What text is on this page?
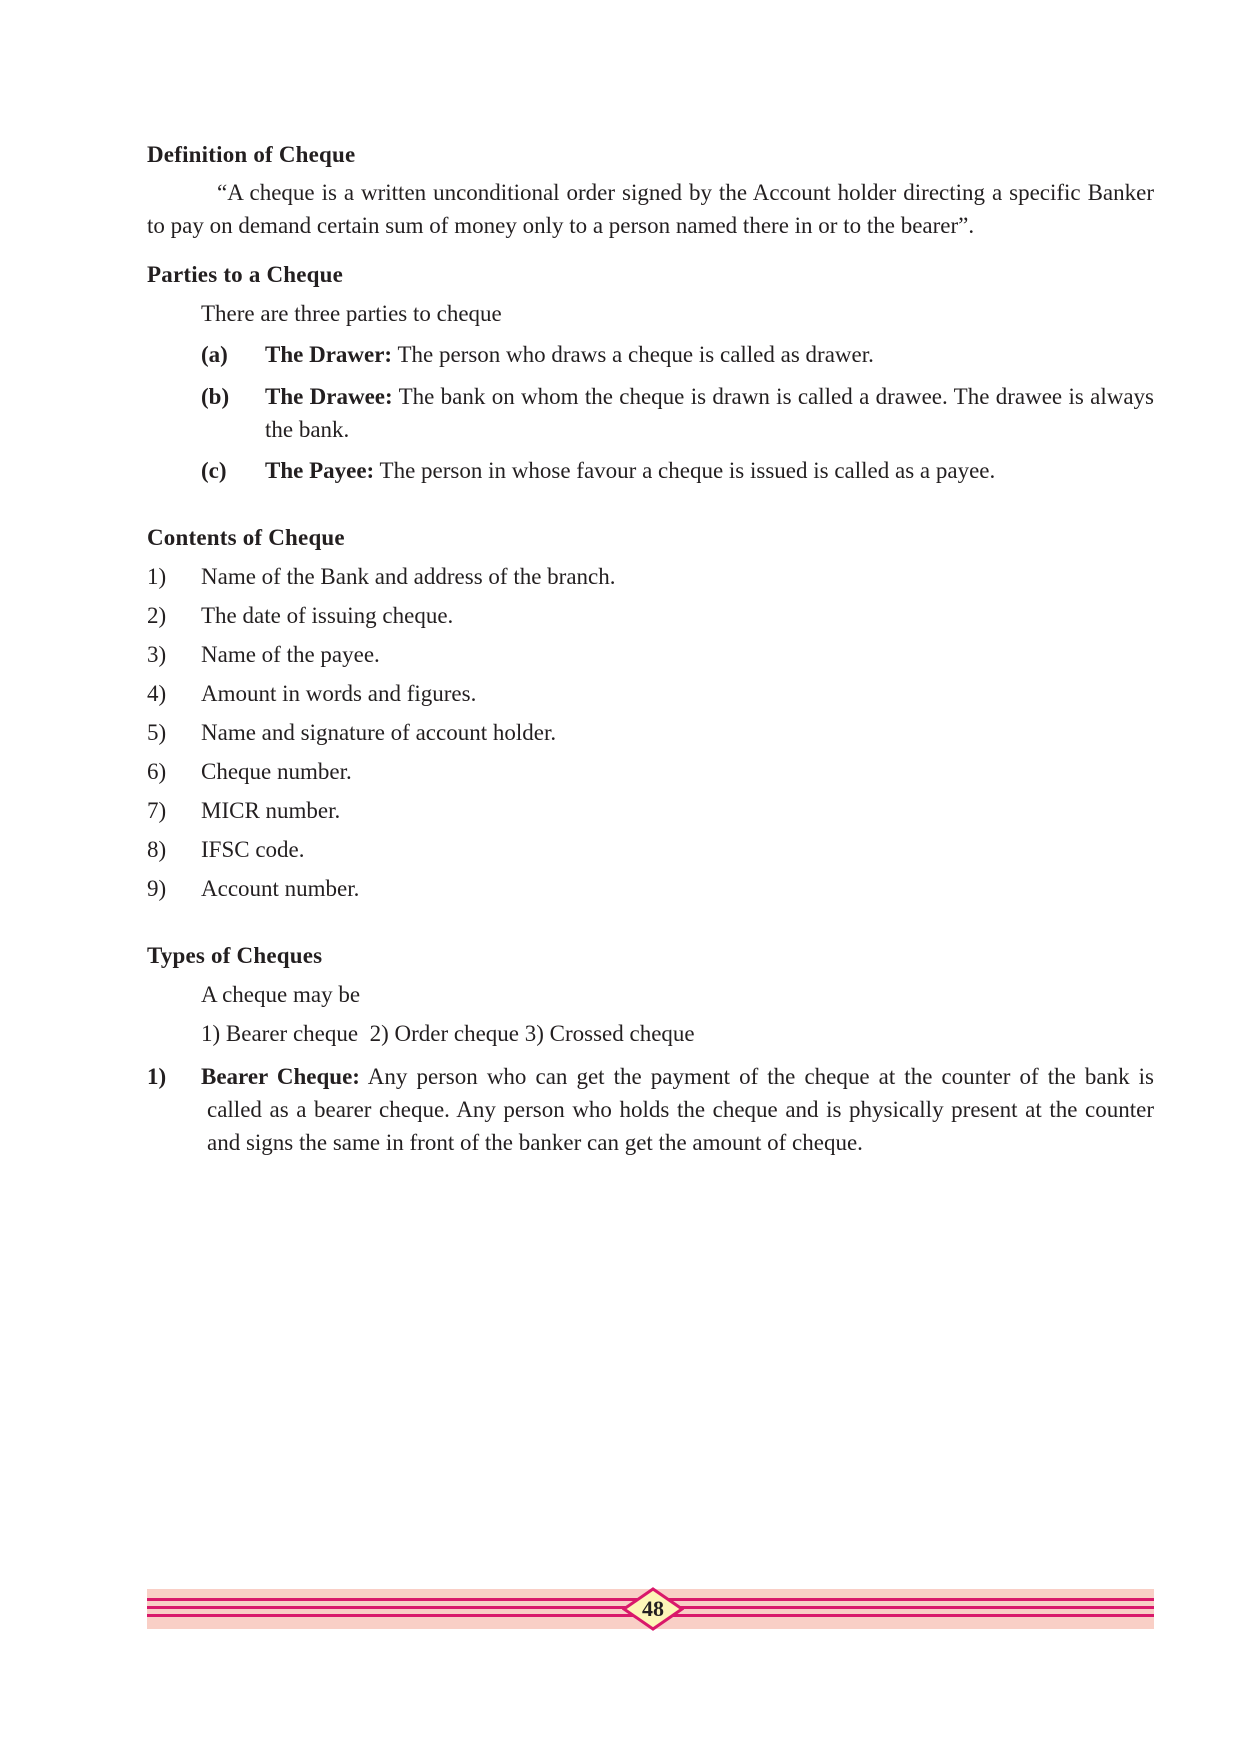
Definition of Cheque
“A cheque is a written unconditional order signed by the Account holder directing a specific Banker to pay on demand certain sum of money only to a person named there in or to the bearer”.
Parties to a Cheque
There are three parties to cheque
(a) The Drawer: The person who draws a cheque is called as drawer.
(b) The Drawee: The bank on whom the cheque is drawn is called a drawee. The drawee is always the bank.
(c) The Payee: The person in whose favour a cheque is issued is called as a payee.
Contents of Cheque
1) Name of the Bank and address of the branch.
2) The date of issuing cheque.
3) Name of the payee.
4) Amount in words and figures.
5) Name and signature of account holder.
6) Cheque number.
7) MICR number.
8) IFSC code.
9) Account number.
Types of Cheques
A cheque may be
1) Bearer cheque  2) Order cheque 3) Crossed cheque
1) Bearer Cheque: Any person who can get the payment of the cheque at the counter of the bank is called as a bearer cheque. Any person who holds the cheque and is physically present at the counter and signs the same in front of the banker can get the amount of cheque.
48
